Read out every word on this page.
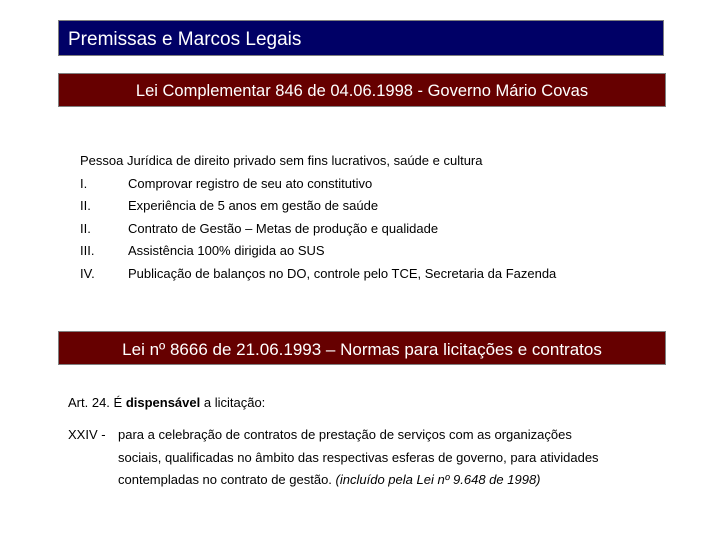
Premissas e Marcos Legais
Lei Complementar 846 de 04.06.1998 - Governo Mário Covas
Pessoa Jurídica de direito privado sem fins lucrativos, saúde e cultura
I.	Comprovar registro de seu ato constitutivo
II.	Experiência de 5 anos em gestão de saúde
II.	Contrato de Gestão – Metas de produção e qualidade
III.	Assistência 100% dirigida ao SUS
IV.	Publicação de balanços no DO, controle pelo TCE, Secretaria da Fazenda
Lei nº 8666 de 21.06.1993 – Normas para licitações e contratos
Art. 24. É dispensável a licitação:
XXIV - para a celebração de contratos de prestação de serviços com as organizações
sociais, qualificadas no âmbito das respectivas esferas de governo, para atividades
contempladas no contrato de gestão. (incluído pela Lei nº 9.648 de 1998)
